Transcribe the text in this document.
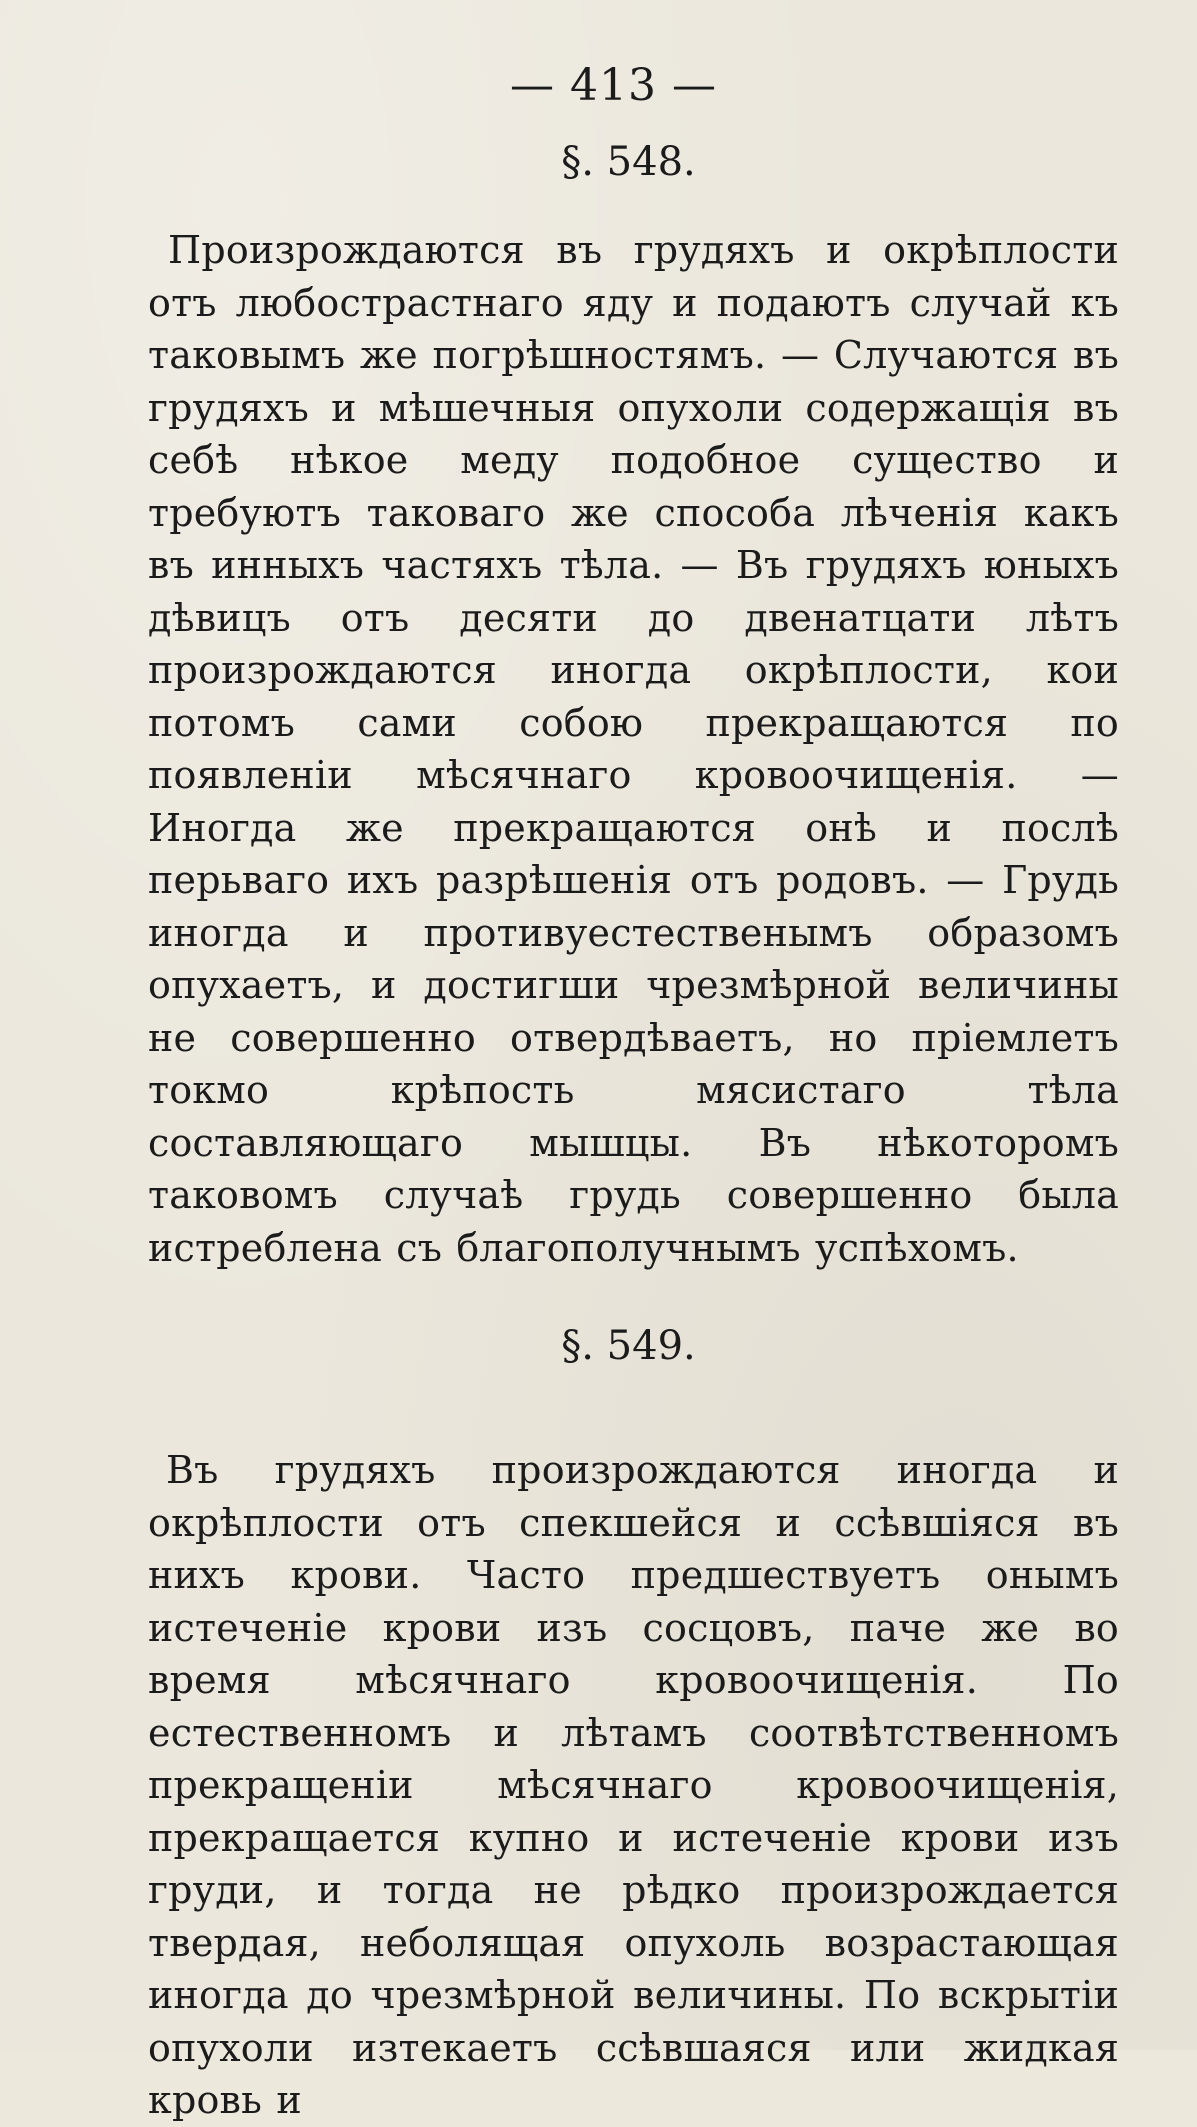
— 413 —
§. 548.

Произрождаются въ грудяхъ и окрѣплости отъ любострастнаго яду и подаютъ случай къ таковымъ же погрѣшностямъ. — Случаются въ грудяхъ и мѣшечныя опухоли содержащія въ себѣ нѣкое меду подобное существо и требуютъ таковаго же способа лѣченія какъ въ инныхъ частяхъ тѣла. — Въ грудяхъ юныхъ дѣвицъ отъ десяти до двенатцати лѣтъ произрождаются иногда окрѣплости, кои потомъ сами собою прекращаются по появленіи мѣсячнаго кровоочищенія. — Иногда же прекращаются онѣ и послѣ перьваго ихъ разрѣшенія отъ родовъ. — Грудь иногда и противуестественымъ образомъ опухаетъ, и достигши чрезмѣрной величины не совершенно отвердѣваетъ, но пріемлетъ токмо крѣпость мясистаго тѣла составляющаго мышцы. Въ нѣкоторомъ таковомъ случаѣ грудь совершенно была истреблена съ благополучнымъ успѣхомъ.

§. 549.

Въ грудяхъ произрождаются иногда и окрѣплости отъ спекшейся и ссѣвшіяся въ нихъ крови. Часто предшествуетъ онымъ истеченіе крови изъ сосцовъ, паче же во время мѣсячнаго кровоочищенія. По естественномъ и лѣтамъ соотвѣтственномъ прекращеніи мѣсячнаго кровоочищенія, прекращается купно и истеченіе крови изъ груди, и тогда не рѣдко произрождается твердая, неболящая опухоль возрастающая иногда до чрезмѣрной величины. По вскрытіи опухоли изтекаетъ ссѣвшаяся или жидкая кровь и
